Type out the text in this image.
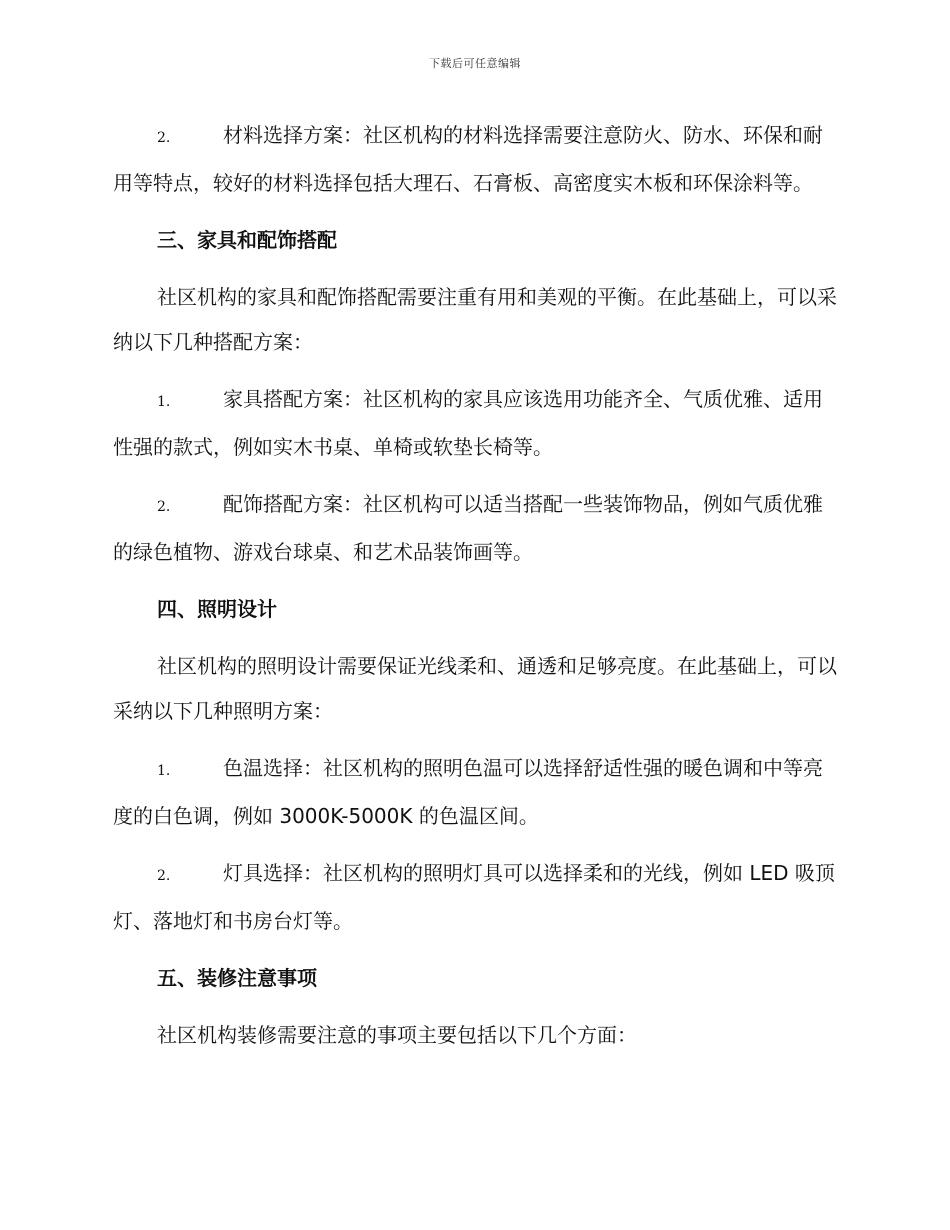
下载后可任意编辑

2.	材料选择方案：社区机构的材料选择需要注意防火、防水、环保和耐用等特点，较好的材料选择包括大理石、石膏板、高密度实木板和环保涂料等。

三、家具和配饰搭配

社区机构的家具和配饰搭配需要注重有用和美观的平衡。在此基础上，可以采纳以下几种搭配方案：

1.	家具搭配方案：社区机构的家具应该选用功能齐全、气质优雅、适用性强的款式，例如实木书桌、单椅或软垫长椅等。

2.	配饰搭配方案：社区机构可以适当搭配一些装饰物品，例如气质优雅的绿色植物、游戏台球桌、和艺术品装饰画等。

四、照明设计

社区机构的照明设计需要保证光线柔和、通透和足够亮度。在此基础上，可以采纳以下几种照明方案：

1.	色温选择：社区机构的照明色温可以选择舒适性强的暖色调和中等亮度的白色调，例如 3000K-5000K 的色温区间。

2.	灯具选择：社区机构的照明灯具可以选择柔和的光线，例如 LED 吸顶灯、落地灯和书房台灯等。

五、装修注意事项

社区机构装修需要注意的事项主要包括以下几个方面：
